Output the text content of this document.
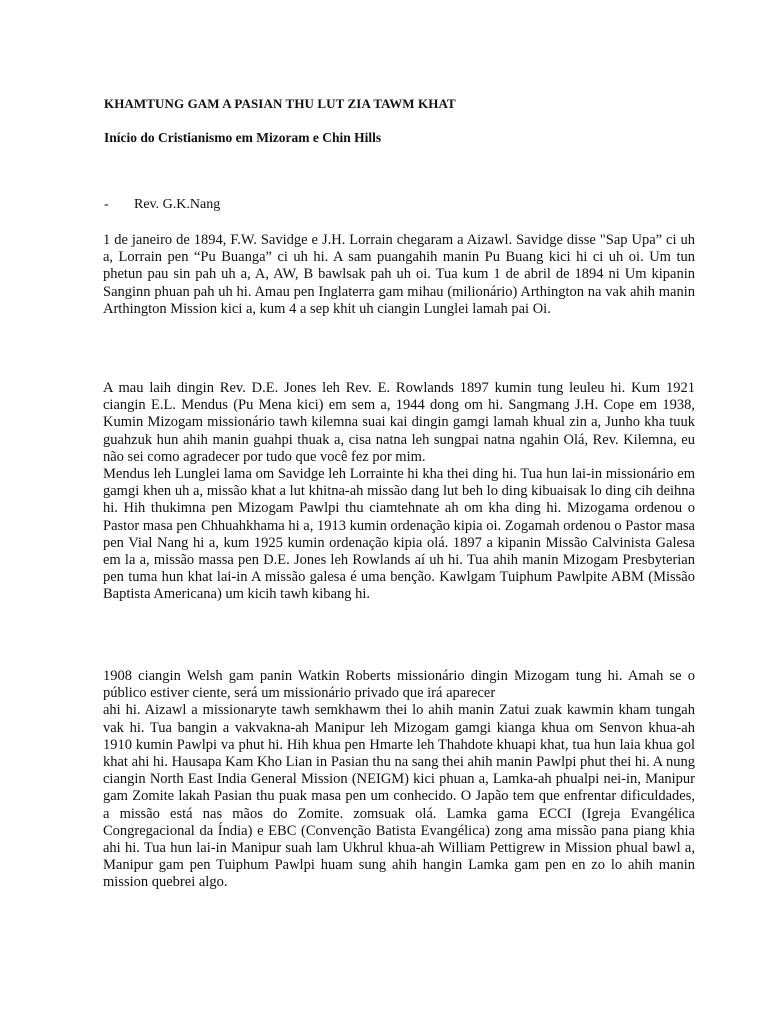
KHAMTUNG GAM A PASIAN THU LUT ZIA TAWM KHAT
Início do Cristianismo em Mizoram e Chin Hills
- Rev. G.K.Nang
1 de janeiro de 1894, F.W. Savidge e J.H. Lorrain chegaram a Aizawl. Savidge disse "Sap Upa” ci uh a, Lorrain pen “Pu Buanga” ci uh hi. A sam puangahih manin Pu Buang kici hi ci uh oi. Um tun phetun pau sin pah uh a, A, AW, B bawlsak pah uh oi. Tua kum 1 de abril de 1894 ni Um kipanin Sanginn phuan pah uh hi. Amau pen Inglaterra gam mihau (milionário) Arthington na vak ahih manin Arthington Mission kici a, kum 4 a sep khit uh ciangin Lunglei lamah pai Oi.
A mau laih dingin Rev. D.E. Jones leh Rev. E. Rowlands 1897 kumin tung leuleu hi. Kum 1921 ciangin E.L. Mendus (Pu Mena kici) em sem a, 1944 dong om hi. Sangmang J.H. Cope em 1938, Kumin Mizogam missionário tawh kilemna suai kai dingin gamgi lamah khual zin a, Junho kha tuuk guahzuk hun ahih manin guahpi thuak a, cisa natna leh sungpai natna ngahin Olá, Rev. Kilemna, eu não sei como agradecer por tudo que você fez por mim.
Mendus leh Lunglei lama om Savidge leh Lorrainte hi kha thei ding hi. Tua hun lai-in missionário em gamgi khen uh a, missão khat a lut khitna-ah missão dang lut beh lo ding kibuaisak lo ding cih deihna hi. Hih thukimna pen Mizogam Pawlpi thu ciamtehnate ah om kha ding hi. Mizogama ordenou o Pastor masa pen Chhuahkhama hi a, 1913 kumin ordenação kipia oi. Zogamah ordenou o Pastor masa pen Vial Nang hi a, kum 1925 kumin ordenação kipia olá. 1897 a kipanin Missão Calvinista Galesa em la a, missão massa pen D.E. Jones leh Rowlands aí uh hi. Tua ahih manin Mizogam Presbyterian pen tuma hun khat lai-in A missão galesa é uma benção. Kawlgam Tuiphum Pawlpite ABM (Missão Baptista Americana) um kicih tawh kibang hi.
1908 ciangin Welsh gam panin Watkin Roberts missionário dingin Mizogam tung hi. Amah se o público estiver ciente, será um missionário privado que irá aparecer
ahi hi. Aizawl a missionaryte tawh semkhawm thei lo ahih manin Zatui zuak kawmin kham tungah vak hi. Tua bangin a vakvakna-ah Manipur leh Mizogam gamgi kianga khua om Senvon khua-ah 1910 kumin Pawlpi va phut hi. Hih khua pen Hmarte leh Thahdote khuapi khat, tua hun laia khua gol khat ahi hi. Hausapa Kam Kho Lian in Pasian thu na sang thei ahih manin Pawlpi phut thei hi. A nung ciangin North East India General Mission (NEIGM) kici phuan a, Lamka-ah phualpi nei-in, Manipur gam Zomite lakah Pasian thu puak masa pen um conhecido. O Japão tem que enfrentar dificuldades, a missão está nas mãos do Zomite. zomsuak olá. Lamka gama ECCI (Igreja Evangélica Congregacional da Índia) e EBC (Convenção Batista Evangélica) zong ama missão pana piang khia ahi hi. Tua hun lai-in Manipur suah lam Ukhrul khua-ah William Pettigrew in Mission phual bawl a, Manipur gam pen Tuiphum Pawlpi huam sung ahih hangin Lamka gam pen en zo lo ahih manin mission quebrei algo.
